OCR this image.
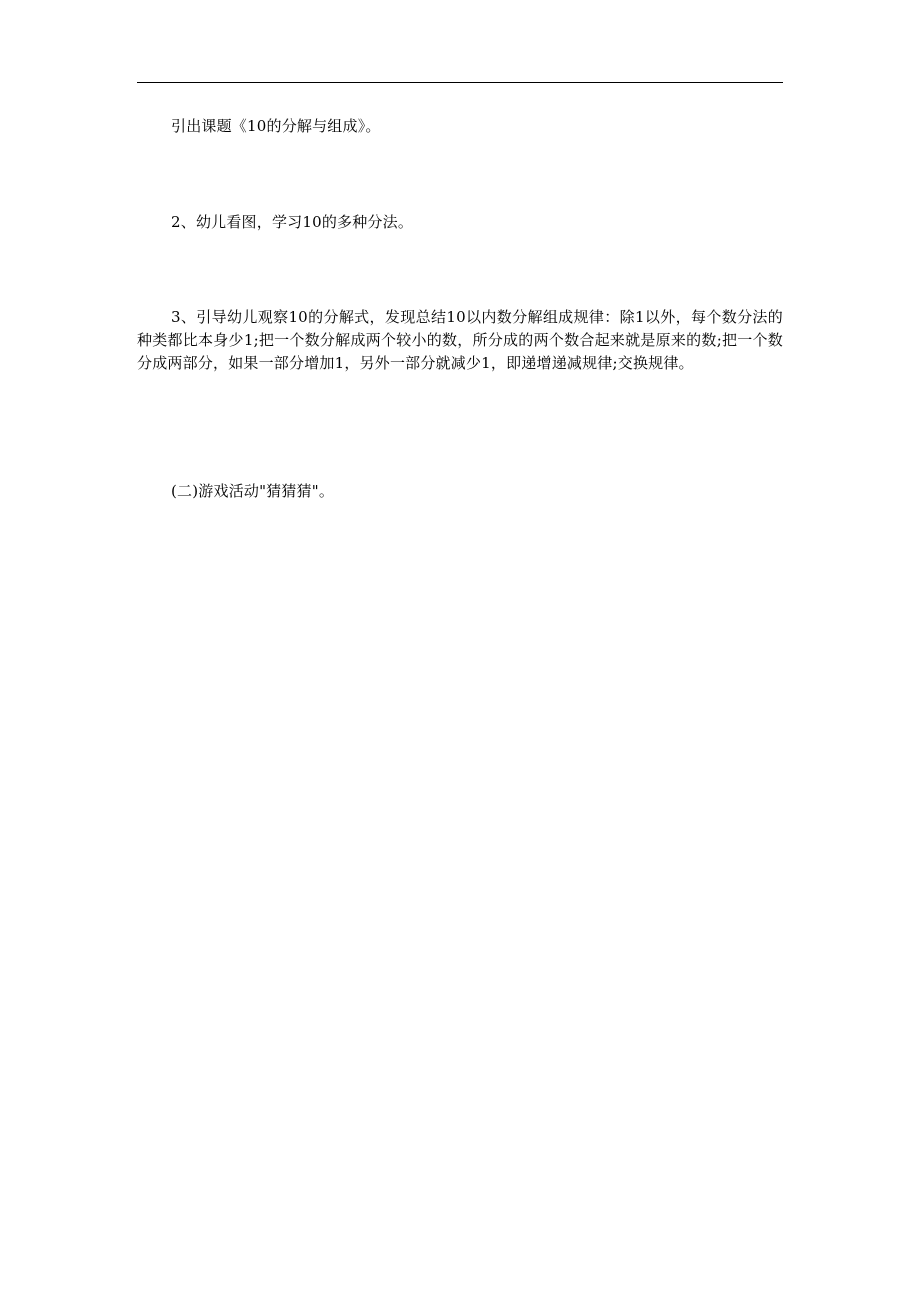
引出课题《10的分解与组成》。

2、幼儿看图，学习10的多种分法。

3、引导幼儿观察10的分解式，发现总结10以内数分解组成规律：除1以外，每个数分法的种类都比本身少1;把一个数分解成两个较小的数，所分成的两个数合起来就是原来的数;把一个数分成两部分，如果一部分增加1，另外一部分就减少1，即递增递减规律;交换规律。

(二)游戏活动"猜猜猜"。
